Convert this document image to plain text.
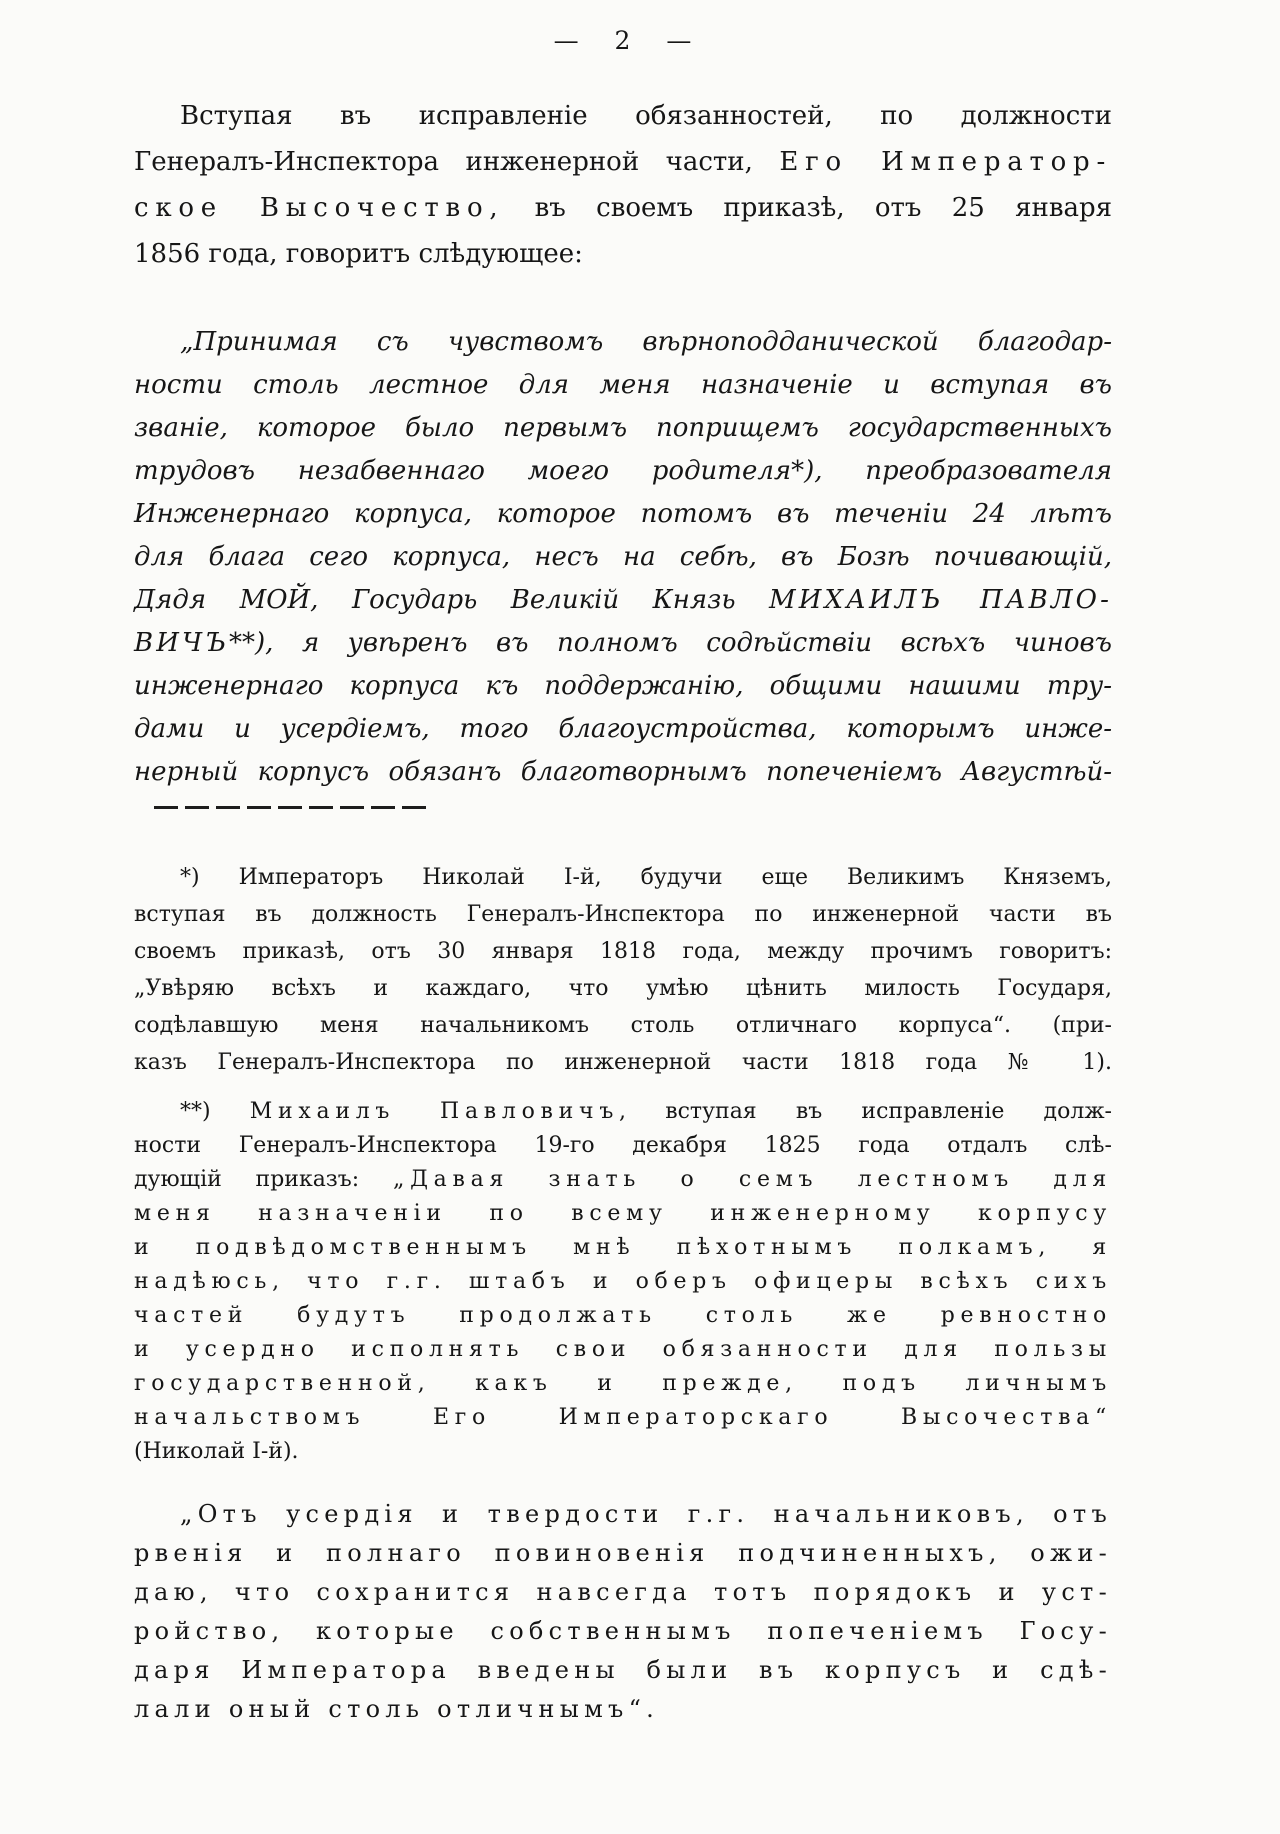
— 2 —
Вступая въ исправленіе обязанностей, по должности
Генералъ-Инспектора инженерной части, Его Император-
ское Высочество, въ своемъ приказѣ, отъ 25 января
1856 года, говоритъ слѣдующее:
„Принимая съ чувствомъ вѣрноподданической благодар-
ности столь лестное для меня назначеніе и вступая въ
званіе, которое было первымъ поприщемъ государственныхъ
трудовъ незабвеннаго моего родителя*), преобразователя
Инженернаго корпуса, которое потомъ въ теченіи 24 лѣтъ
для блага сего корпуса, несъ на себѣ, въ Бозѣ почивающій,
Дядя МОЙ, Государь Великій Князь МИХАИЛЪ ПАВЛО-
ВИЧЪ**), я увѣренъ въ полномъ содѣйствіи всѣхъ чиновъ
инженернаго корпуса къ поддержанію, общими нашими тру-
дами и усердіемъ, того благоустройства, которымъ инже-
нерный корпусъ обязанъ благотворнымъ попеченіемъ Августѣй-
*) Императоръ Николай I-й, будучи еще Великимъ Княземъ,
вступая въ должность Генералъ-Инспектора по инженерной части въ
своемъ приказѣ, отъ 30 января 1818 года, между прочимъ говоритъ:
„Увѣряю всѣхъ и каждаго, что умѣю цѣнить милость Государя,
содѣлавшую меня начальникомъ столь отличнаго корпуса“. (при-
казъ Генералъ-Инспектора по инженерной части 1818 года № 1).
**) Михаилъ Павловичъ, вступая въ исправленіе долж-
ности Генералъ-Инспектора 19-го декабря 1825 года отдалъ слѣ-
дующій приказъ: „Давая знать о семъ лестномъ для
меня назначеніи по всему инженерному корпусу
и подвѣдомственнымъ мнѣ пѣхотнымъ полкамъ, я
надѣюсь, что г.г. штабъ и оберъ офицеры всѣхъ сихъ
частей будутъ продолжать столь же ревностно
и усердно исполнять свои обязанности для пользы
государственной, какъ и прежде, подъ личнымъ
начальствомъ Его Императорскаго Высочества“
(Николай I-й).
„Отъ усердія и твердости г.г. начальниковъ, отъ
рвенія и полнаго повиновенія подчиненныхъ, ожи-
даю, что сохранится навсегда тотъ порядокъ и уст-
ройство, которые собственнымъ попеченіемъ Госу-
даря Императора введены были въ корпусъ и сдѣ-
лали оный столь отличнымъ“.
